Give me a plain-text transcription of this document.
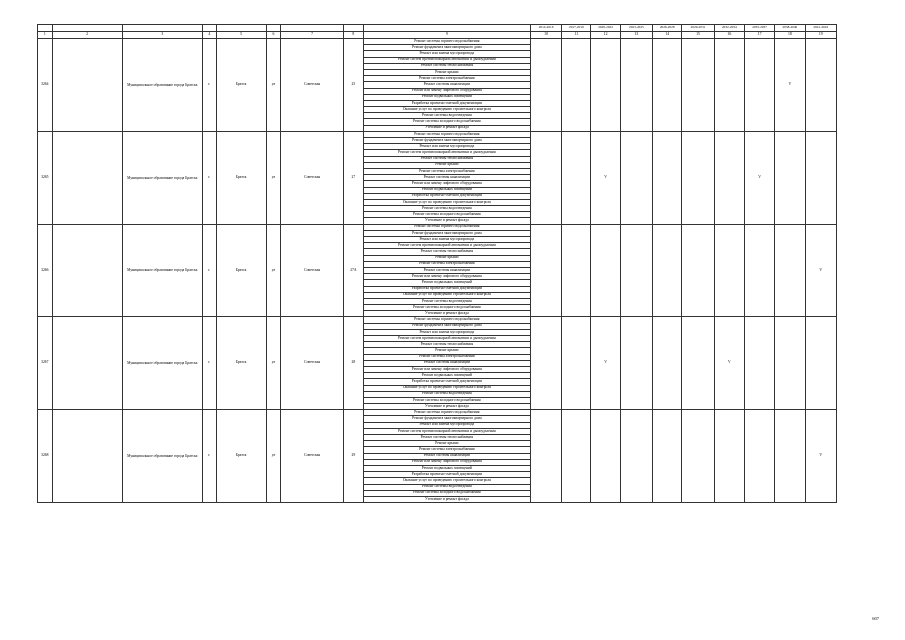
									2014-2016	2017-2019	2020-2022	2023-2025	2026-2028	2029-2031	2032-2034	2035-2037	2038-2040	2041-2043
1	2	3	4	5	6	7	8	9	10	11	12	13	14	15	16	17	18	19
3264		Муниципальное образование города Братска	г.	Братск	ул	Советская	25	Ремонт системы горячего водоснабжения									V	
								Ремонт фундамента многоквартирного дома										
								Ремонт или замена мусоропровода										
								Ремонт систем противопожарной автоматики и дымоудаления										
								Ремонт системы теплоснабжения										
								Ремонт крыши										
								Ремонт системы электроснабжения										
								Ремонт системы канализации										
								Ремонт или замену лифтового оборудования										
								Ремонт подвальных помещений										
								Разработка проектно-сметной документации										
								Оказание услуг по проведению строительного контроля										
								Ремонт системы водоотведения										
								Ремонт системы холодного водоснабжения										
								Утепление и ремонт фасада										
3265		Муниципальное образование города Братска	г.	Братск	ул	Советская	27	Ремонт системы горячего водоснабжения			V					V		
								Ремонт фундамента многоквартирного дома										
								Ремонт или замена мусоропровода										
								Ремонт систем противопожарной автоматики и дымоудаления										
								Ремонт системы теплоснабжения										
								Ремонт крыши										
								Ремонт системы электроснабжения										
								Ремонт системы канализации										
								Ремонт или замену лифтового оборудования										
								Ремонт подвальных помещений										
								Разработка проектно-сметной документации										
								Оказание услуг по проведению строительного контроля										
								Ремонт системы водоотведения										
								Ремонт системы холодного водоснабжения										
								Утепление и ремонт фасада										
3266		Муниципальное образование города Братска	г.	Братск	ул	Советская	27А	Ремонт системы горячего водоснабжения										V
								Ремонт фундамента многоквартирного дома										
								Ремонт или замена мусоропровода										
								Ремонт систем противопожарной автоматики и дымоудаления										
								Ремонт системы теплоснабжения										
								Ремонт крыши										
								Ремонт системы электроснабжения										
								Ремонт системы канализации										
								Ремонт или замену лифтового оборудования										
								Ремонт подвальных помещений										
								Разработка проектно-сметной документации										
								Оказание услуг по проведению строительного контроля										
								Ремонт системы водоотведения										
								Ремонт системы холодного водоснабжения										
								Утепление и ремонт фасада										
3267		Муниципальное образование города Братска	г.	Братск	ул	Советская	28	Ремонт системы горячего водоснабжения			V				V			
								Ремонт фундамента многоквартирного дома										
								Ремонт или замена мусоропровода										
								Ремонт систем противопожарной автоматики и дымоудаления										
								Ремонт системы теплоснабжения										
								Ремонт крыши										
								Ремонт системы электроснабжения										
								Ремонт системы канализации										
								Ремонт или замену лифтового оборудования										
								Ремонт подвальных помещений										
								Разработка проектно-сметной документации										
								Оказание услуг по проведению строительного контроля										
								Ремонт системы водоотведения										
								Ремонт системы холодного водоснабжения										
								Утепление и ремонт фасада										
3268		Муниципальное образование города Братска	г.	Братск	ул	Советская	29	Ремонт системы горячего водоснабжения										V
								Ремонт фундамента многоквартирного дома										
								Ремонт или замена мусоропровода										
								Ремонт систем противопожарной автоматики и дымоудаления										
								Ремонт системы теплоснабжения										
								Ремонт крыши										
								Ремонт системы электроснабжения										
								Ремонт системы канализации										
								Ремонт или замену лифтового оборудования										
								Ремонт подвальных помещений										
								Разработка проектно-сметной документации										
								Оказание услуг по проведению строительного контроля										
								Ремонт системы водоотведения										
								Ремонт системы холодного водоснабжения										
								Утепление и ремонт фасада										
607
